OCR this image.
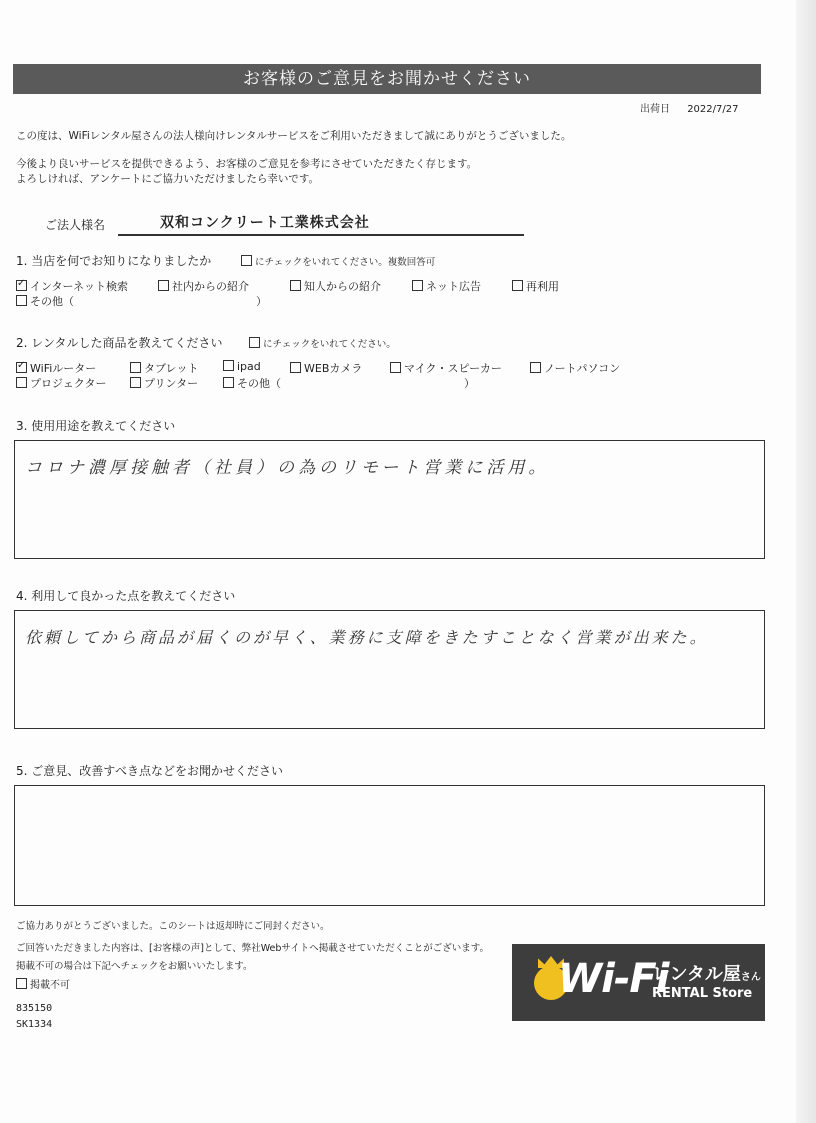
お客様のご意見をお聞かせください
出荷日 2022/7/27
この度は、WiFiレンタル屋さんの法人様向けレンタルサービスをご利用いただきまして誠にありがとうございました。
今後より良いサービスを提供できるよう、お客様のご意見を参考にさせていただきたく存じます。
よろしければ、アンケートにご協力いただけましたら幸いです。
ご法人様名	双和コンクリート工業株式会社
1. 当店を何でお知りになりましたか	にチェックをいれてください。複数回答可
✓インターネット検索	社内からの紹介	知人からの紹介	ネット広告	再利用
その他（	）
2. レンタルした商品を教えてください	にチェックをいれてください。
✓WiFiルーター	タブレット	ipad	WEBカメラ	マイク・スピーカー	ノートパソコン
プロジェクター	プリンター	その他（	）
3. 使用用途を教えてください
コロナ濃厚接触者（社員）の為のリモート営業に活用。
4. 利用して良かった点を教えてください
依頼してから商品が届くのが早く、業務に支障をきたすことなく営業が出来た。
5. ご意見、改善すべき点などをお聞かせください
ご協力ありがとうございました。このシートは返却時にご同封ください。
ご回答いただきました内容は、[お客様の声]として、弊社Webサイトへ掲載させていただくことがございます。
掲載不可の場合は下記へチェックをお願いいたします。
掲載不可
835150
SK1334
Wi-Fi
レンタル屋さん
RENTAL Store
